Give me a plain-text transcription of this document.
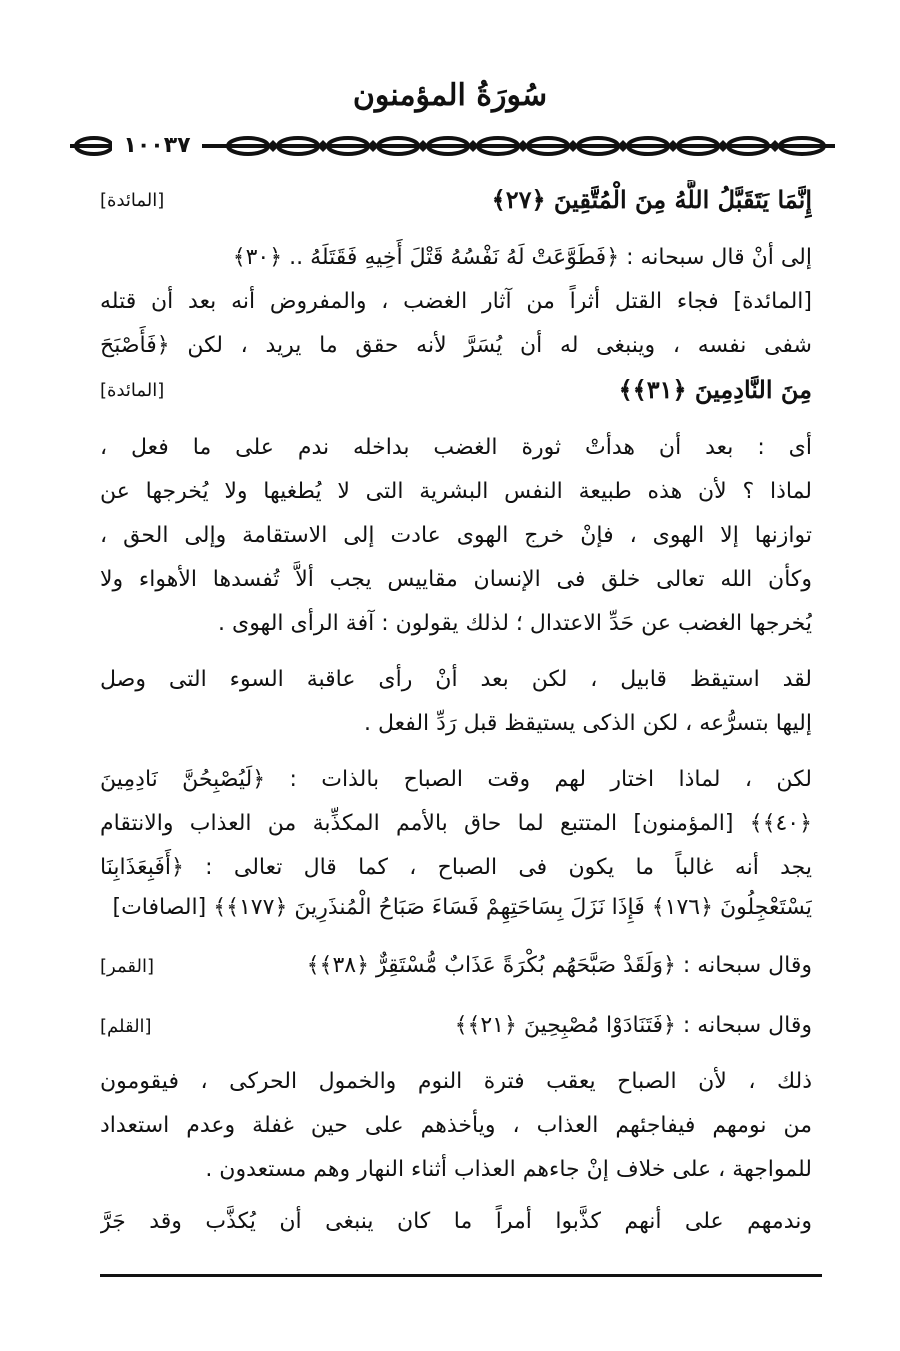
سُورَةُ المؤمنون
١٠٠٣٧
إِنَّمَا يَتَقَبَّلُ اللَّهُ مِنَ الْمُتَّقِينَ ﴿٢٧﴾
[المائدة]
إلى أنْ قال سبحانه : ﴿فَطَوَّعَتْ لَهُ نَفْسُهُ قَتْلَ أَخِيهِ فَقَتَلَهُ .. ﴿٣٠﴾
[المائدة] فجاء القتل أثراً من آثار الغضب ، والمفروض أنه بعد أن قتله
شفى نفسه ، وينبغى له أن يُسَرَّ لأنه حقق ما يريد ، لكن ﴿فَأَصْبَحَ
مِنَ النَّادِمِينَ ﴿٣١﴾﴾
[المائدة]
أى : بعد أن هدأتْ ثورة الغضب بداخله ندم على ما فعل ،
لماذا ؟ لأن هذه طبيعة النفس البشرية التى لا يُطغيها ولا يُخرجها عن
توازنها إلا الهوى ، فإنْ خرج الهوى عادت إلى الاستقامة وإلى الحق ،
وكأن الله تعالى خلق فى الإنسان مقاييس يجب ألاَّ تُفسدها الأهواء ولا
يُخرجها الغضب عن حَدِّ الاعتدال ؛ لذلك يقولون : آفة الرأى الهوى .
لقد استيقظ قابيل ، لكن بعد أنْ رأى عاقبة السوء التى وصل
إليها بتسرُّعه ، لكن الذكى يستيقظ قبل رَدِّ الفعل .
لكن ، لماذا اختار لهم وقت الصباح بالذات : ﴿لَيُصْبِحُنَّ نَادِمِينَ
﴿٤٠﴾﴾ [المؤمنون] المتتبع لما حاق بالأمم المكذِّبة من العذاب والانتقام
يجد أنه غالباً ما يكون فى الصباح ، كما قال تعالى : ﴿أَفَبِعَذَابِنَا
يَسْتَعْجِلُونَ ﴿١٧٦﴾ فَإِذَا نَزَلَ بِسَاحَتِهِمْ فَسَاءَ صَبَاحُ الْمُنذَرِينَ ﴿١٧٧﴾﴾ [الصافات]
وقال سبحانه : ﴿وَلَقَدْ صَبَّحَهُم بُكْرَةً عَذَابٌ مُّسْتَقِرٌّ ﴿٣٨﴾﴾
[القمر]
وقال سبحانه : ﴿فَتَنَادَوْا مُصْبِحِينَ ﴿٢١﴾﴾
[القلم]
ذلك ، لأن الصباح يعقب فترة النوم والخمول الحركى ، فيقومون
من نومهم فيفاجئهم العذاب ، ويأخذهم على حين غفلة وعدم استعداد
للمواجهة ، على خلاف إنْ جاءهم العذاب أثناء النهار وهم مستعدون .
وندمهم على أنهم كذَّبوا أمراً ما كان ينبغى أن يُكذَّب وقد جَرَّ
